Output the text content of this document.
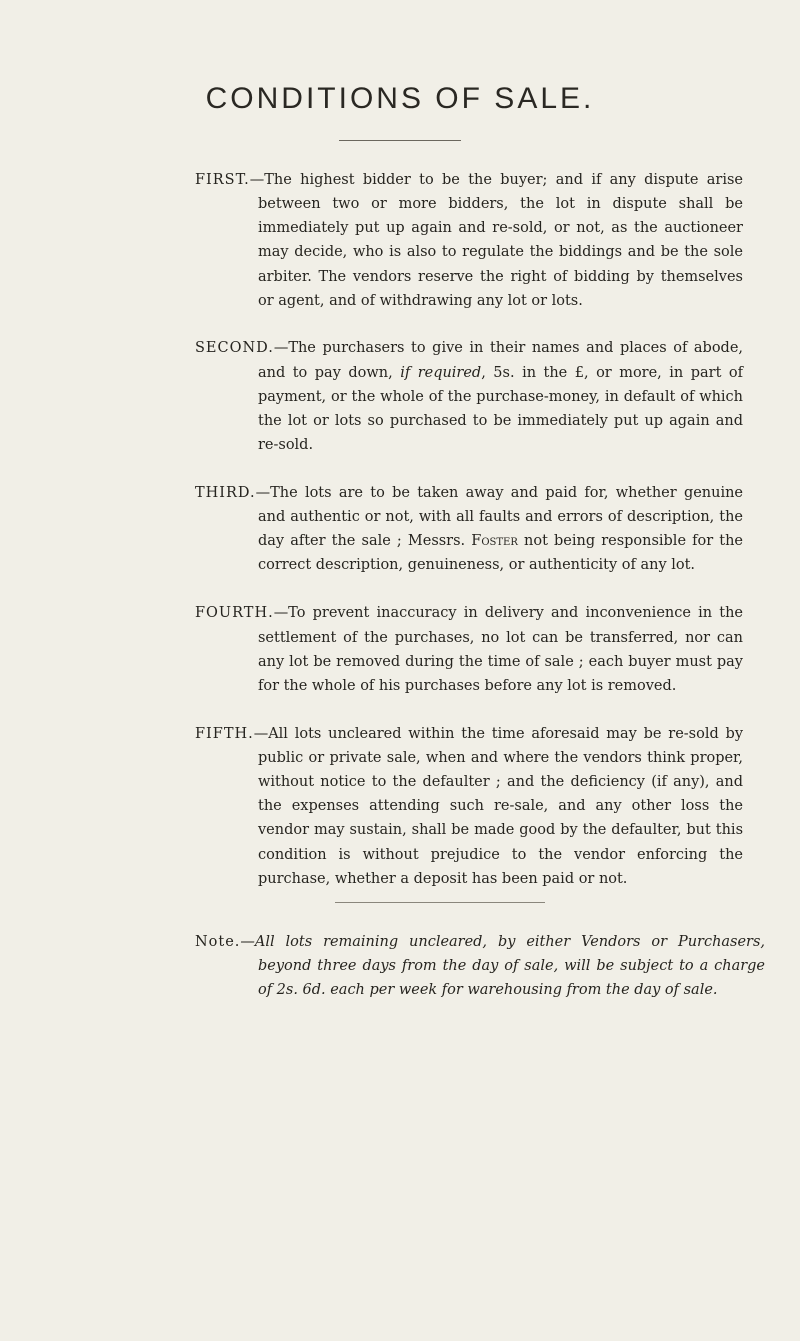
CONDITIONS OF SALE.
FIRST.—The highest bidder to be the buyer; and if any dispute arise between two or more bidders, the lot in dispute shall be immediately put up again and re-sold, or not, as the auctioneer may decide, who is also to regulate the biddings and be the sole arbiter. The vendors reserve the right of bidding by themselves or agent, and of withdrawing any lot or lots.
SECOND.—The purchasers to give in their names and places of abode, and to pay down, if required, 5s. in the £, or more, in part of payment, or the whole of the purchase-money, in default of which the lot or lots so purchased to be immediately put up again and re-sold.
THIRD.—The lots are to be taken away and paid for, whether genuine and authentic or not, with all faults and errors of description, the day after the sale ; Messrs. Foster not being responsible for the correct description, genuineness, or authenticity of any lot.
FOURTH.—To prevent inaccuracy in delivery and inconvenience in the settlement of the purchases, no lot can be transferred, nor can any lot be removed during the time of sale ; each buyer must pay for the whole of his purchases before any lot is removed.
FIFTH.—All lots uncleared within the time aforesaid may be re-sold by public or private sale, when and where the vendors think proper, without notice to the defaulter ; and the deficiency (if any), and the expenses attending such re-sale, and any other loss the vendor may sustain, shall be made good by the defaulter, but this condition is without prejudice to the vendor enforcing the purchase, whether a deposit has been paid or not.
Note.—All lots remaining uncleared, by either Vendors or Purchasers, beyond three days from the day of sale, will be subject to a charge of 2s. 6d. each per week for warehousing from the day of sale.
